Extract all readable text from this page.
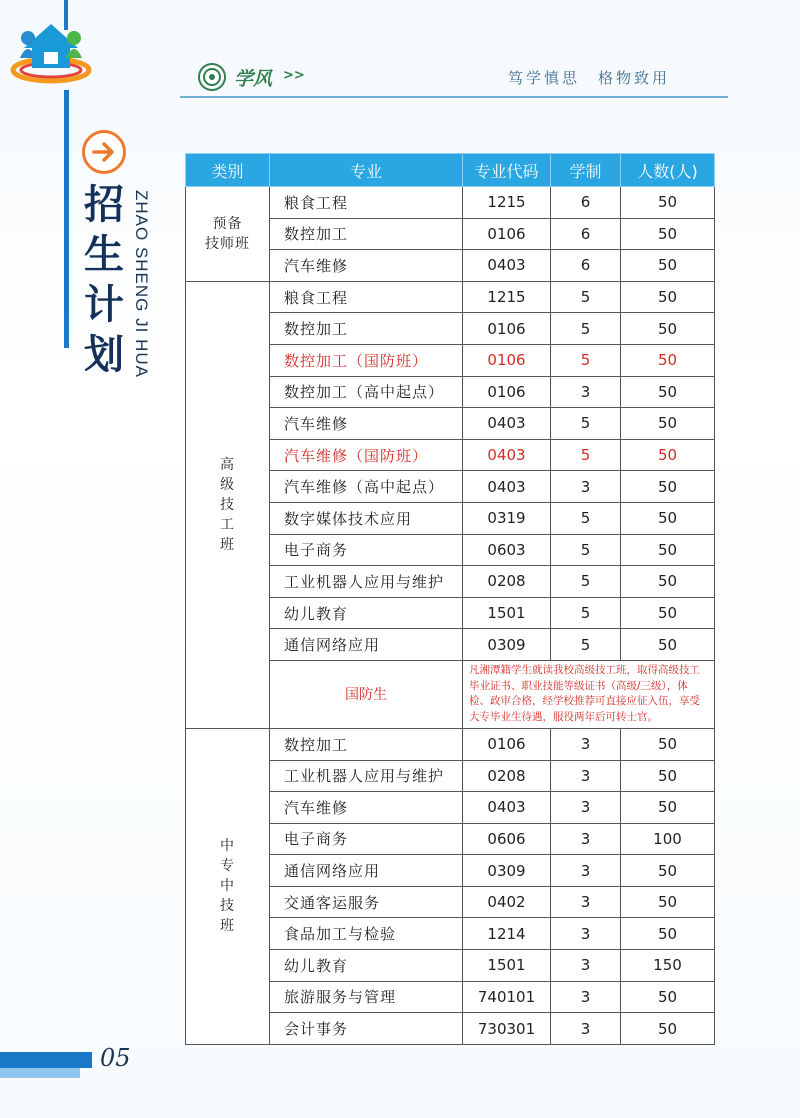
学风 >>	笃学慎思　格物致用
招
生
计
划 ZHAO SHENG JI HUA
类别	专业	专业代码	学制	人数(人)

预备
技师班	粮食工程	1215	6	50
	数控加工	0106	6	50
	汽车维修	0403	6	50

高
级
技
工
班	粮食工程	1215	5	50
	数控加工	0106	5	50
	数控加工（国防班）	0106	5	50
	数控加工（高中起点）	0106	3	50
	汽车维修	0403	5	50
	汽车维修（国防班）	0403	5	50
	汽车维修（高中起点）	0403	3	50
	数字媒体技术应用	0319	5	50
	电子商务	0603	5	50
	工业机器人应用与维护	0208	5	50
	幼儿教育	1501	5	50
	通信网络应用	0309	5	50
	国防生	凡湘潭籍学生就读我校高级技工班，取得高级技工毕业证书、职业技能等级证书（高级/三级），体检、政审合格，经学校推荐可直接应征入伍，享受大专毕业生待遇，服役两年后可转士官。		

中
专
中
技
班	数控加工	0106	3	50
	工业机器人应用与维护	0208	3	50
	汽车维修	0403	3	50
	电子商务	0606	3	100
	通信网络应用	0309	3	50
	交通客运服务	0402	3	50
	食品加工与检验	1214	3	50
	幼儿教育	1501	3	150
	旅游服务与管理	740101	3	50
	会计事务	730301	3	50
05
